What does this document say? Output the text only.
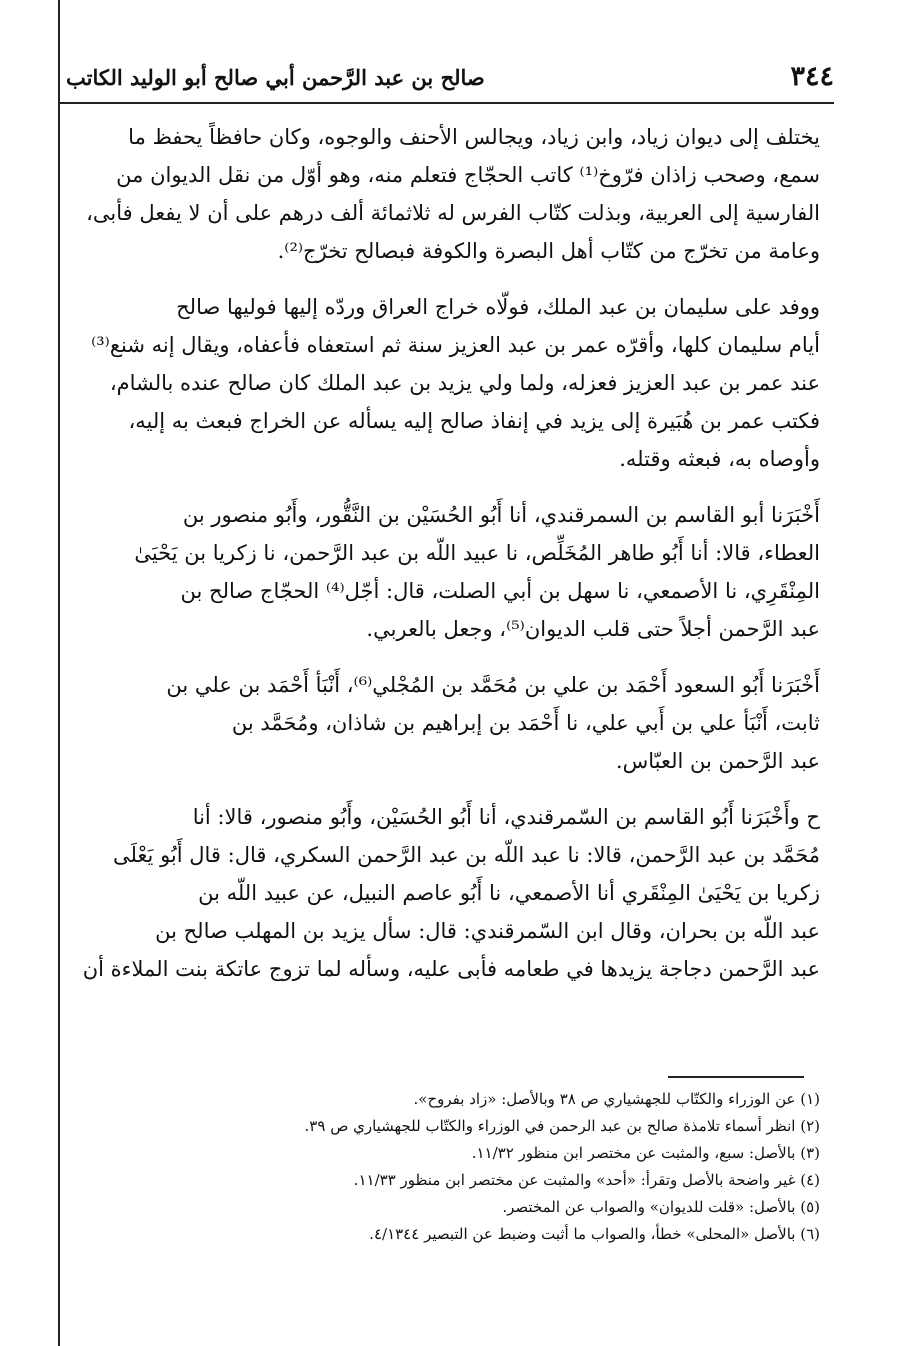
صالح بن عبد الرَّحمن أبي صالح أبو الوليد الكاتب	٣٤٤
يختلف إلى ديوان زياد، وابن زياد، ويجالس الأحنف والوجوه، وكان حافظاً يحفظ ما
سمع، وصحب زاذان فرّوخ⁽¹⁾ كاتب الحجّاج فتعلم منه، وهو أوّل من نقل الديوان من
الفارسية إلى العربية، وبذلت كتّاب الفرس له ثلاثمائة ألف درهم على أن لا يفعل فأبى،
وعامة من تخرّج من كتّاب أهل البصرة والكوفة فبصالح تخرّج⁽²⁾.
ووفد على سليمان بن عبد الملك، فولّاه خراج العراق وردّه إليها فوليها صالح
أيام سليمان كلها، وأقرّه عمر بن عبد العزيز سنة ثم استعفاه فأعفاه، ويقال إنه شنع⁽³⁾
عند عمر بن عبد العزيز فعزله، ولما ولي يزيد بن عبد الملك كان صالح عنده بالشام،
فكتب عمر بن هُبَيرة إلى يزيد في إنفاذ صالح إليه يسأله عن الخراج فبعث به إليه،
وأوصاه به، فبعثه وقتله.
أَخْبَرَنا أبو القاسم بن السمرقندي، أنا أَبُو الحُسَيْن بن النَّقُّور، وأَبُو منصور بن
العطاء، قالا: أنا أَبُو طاهر المُخَلِّص، نا عبيد اللّه بن عبد الرَّحمن، نا زكريا بن يَحْيَىٰ
المِنْقَرِي، نا الأصمعي، نا سهل بن أبي الصلت، قال: أجّل⁽⁴⁾ الحجّاج صالح بن
عبد الرَّحمن أجلاً حتى قلب الديوان⁽⁵⁾، وجعل بالعربي.
أَخْبَرَنا أَبُو السعود أَحْمَد بن علي بن مُحَمَّد بن المُجْلي⁽⁶⁾، أَنْبَأ أَحْمَد بن علي بن
ثابت، أَنْبَأ علي بن أَبي علي، نا أَحْمَد بن إبراهيم بن شاذان، ومُحَمَّد بن
عبد الرَّحمن بن العبّاس.
ح وأَخْبَرَنا أَبُو القاسم بن السّمرقندي، أنا أَبُو الحُسَيْن، وأَبُو منصور، قالا: أنا
مُحَمَّد بن عبد الرَّحمن، قالا: نا عبد اللّه بن عبد الرَّحمن السكري، قال: قال أَبُو يَعْلَى
زكريا بن يَحْيَىٰ المِنْقَري أنا الأصمعي، نا أَبُو عاصم النبيل، عن عبيد اللّه بن
عبد اللّه بن بحران، وقال ابن السّمرقندي: قال: سأل يزيد بن المهلب صالح بن
عبد الرَّحمن دجاجة يزيدها في طعامه فأبى عليه، وسأله لما تزوج عاتكة بنت الملاءة أن
(١) عن الوزراء والكتّاب للجهشياري ص ٣٨ وبالأصل: «زاد بفروح».
(٢) انظر أسماء تلامذة صالح بن عبد الرحمن في الوزراء والكتّاب للجهشياري ص ٣٩.
(٣) بالأصل: سبع، والمثبت عن مختصر ابن منظور ١١/٣٢.
(٤) غير واضحة بالأصل وتقرأ: «أحد» والمثبت عن مختصر ابن منظور ١١/٣٣.
(٥) بالأصل: «قلت للديوان» والصواب عن المختصر.
(٦) بالأصل «المحلى» خطأ، والصواب ما أثبت وضبط عن التبصير ٤/١٣٤٤.
